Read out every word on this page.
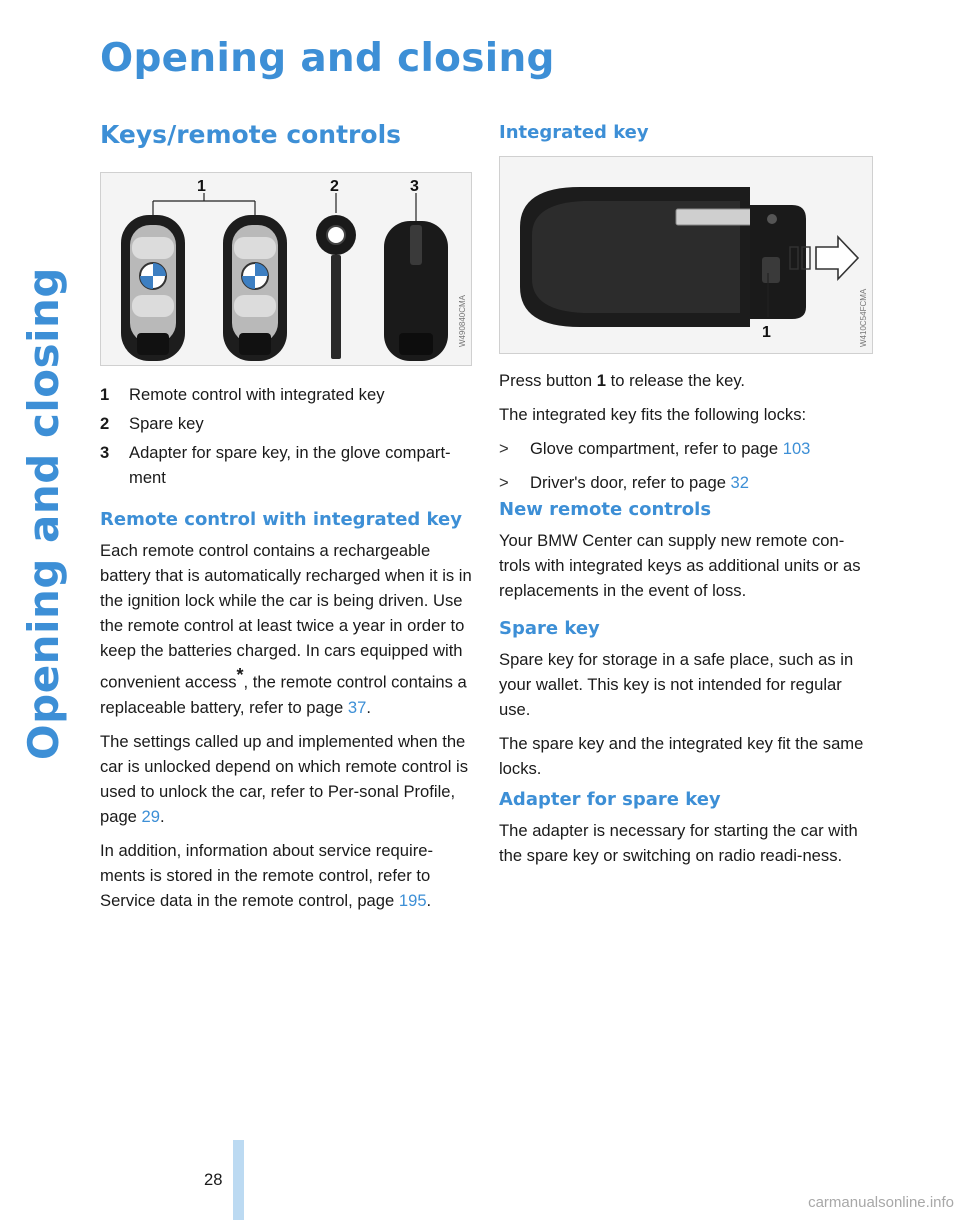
Opening and closing
Opening and closing
Keys/remote controls
1	2	3
W490840CMA
1	Remote control with integrated key
2	Spare key
3	Adapter for spare key, in the glove compart-ment
Remote control with integrated key

Each remote control contains a rechargeable battery that is automatically recharged when it is in the ignition lock while the car is being driven. Use the remote control at least twice a year in order to keep the batteries charged. In cars equipped with convenient access*, the remote control contains a replaceable battery, refer to page 37.

The settings called up and implemented when the car is unlocked depend on which remote control is used to unlock the car, refer to Per-sonal Profile, page 29.

In addition, information about service require-ments is stored in the remote control, refer to Service data in the remote control, page 195.

Integrated key
1	W410C54FCMA

Press button 1 to release the key.

The integrated key fits the following locks:

>	Glove compartment, refer to page 103
>	Driver's door, refer to page 32
New remote controls

Your BMW Center can supply new remote con-trols with integrated keys as additional units or as replacements in the event of loss.

Spare key

Spare key for storage in a safe place, such as in your wallet. This key is not intended for regular use.

The spare key and the integrated key fit the same locks.

Adapter for spare key

The adapter is necessary for starting the car with the spare key or switching on radio readi-ness.

28
carmanualsonline.info
